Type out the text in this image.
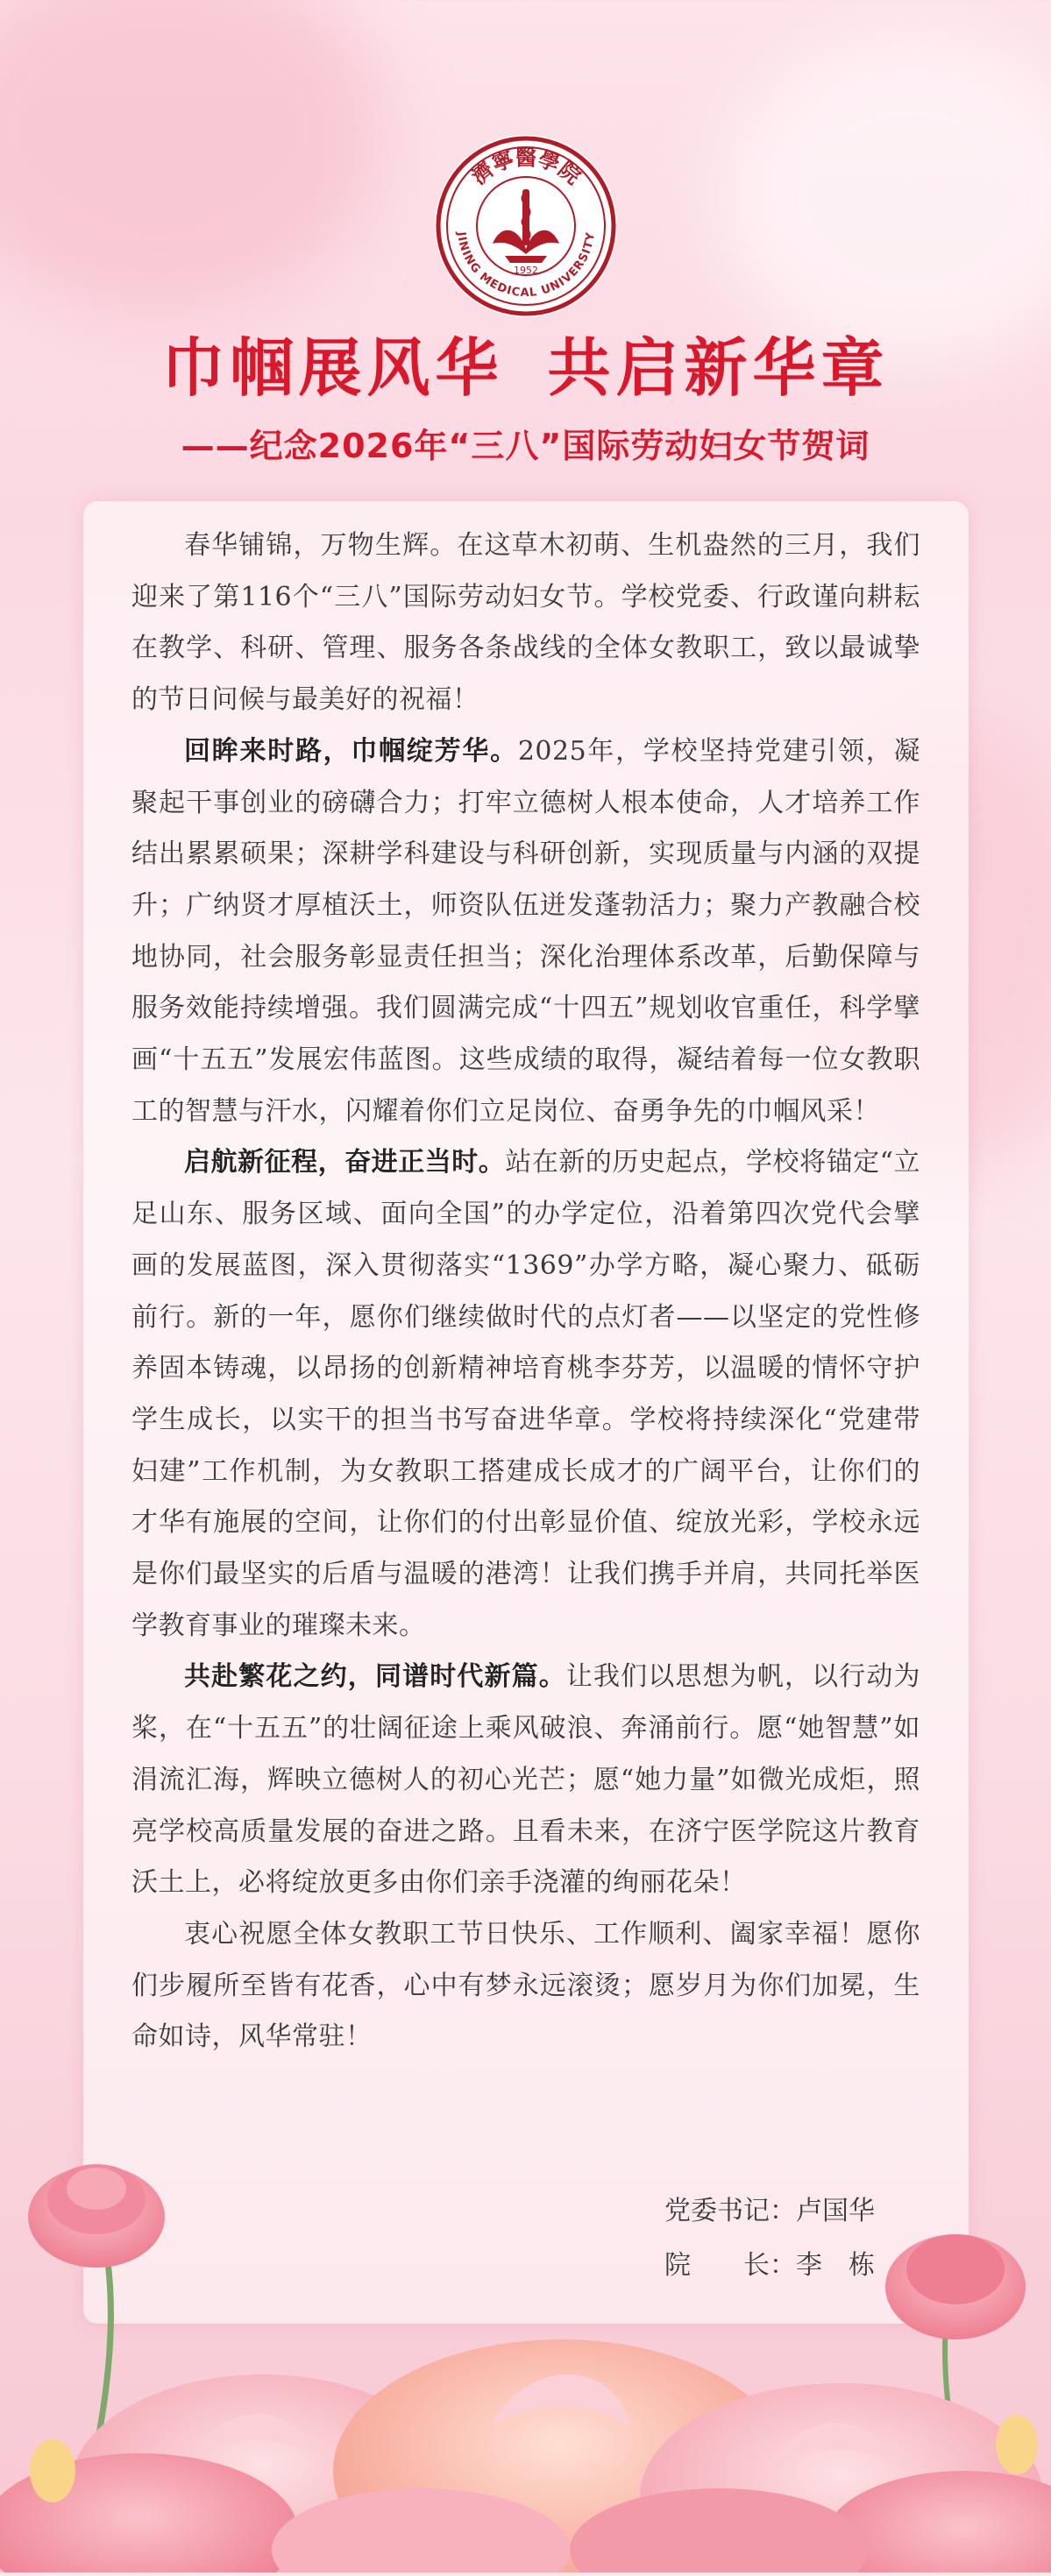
濟寧醫學院
JINING MEDICAL UNIVERSITY
1952
巾帼展风华 共启新华章
——纪念2026年“三八”国际劳动妇女节贺词

春华铺锦，万物生辉。在这草木初萌、生机盎然的三月，我们迎来了第116个“三八”国际劳动妇女节。学校党委、行政谨向耕耘在教学、科研、管理、服务各条战线的全体女教职工，致以最诚挚的节日问候与最美好的祝福！

回眸来时路，巾帼绽芳华。2025年，学校坚持党建引领，凝聚起干事创业的磅礴合力；打牢立德树人根本使命，人才培养工作结出累累硕果；深耕学科建设与科研创新，实现质量与内涵的双提升；广纳贤才厚植沃土，师资队伍迸发蓬勃活力；聚力产教融合校地协同，社会服务彰显责任担当；深化治理体系改革，后勤保障与服务效能持续增强。我们圆满完成“十四五”规划收官重任，科学擘画“十五五”发展宏伟蓝图。这些成绩的取得，凝结着每一位女教职工的智慧与汗水，闪耀着你们立足岗位、奋勇争先的巾帼风采！

启航新征程，奋进正当时。站在新的历史起点，学校将锚定“立足山东、服务区域、面向全国”的办学定位，沿着第四次党代会擘画的发展蓝图，深入贯彻落实“1369”办学方略，凝心聚力、砥砺前行。新的一年，愿你们继续做时代的点灯者——以坚定的党性修养固本铸魂，以昂扬的创新精神培育桃李芬芳，以温暖的情怀守护学生成长，以实干的担当书写奋进华章。学校将持续深化“党建带妇建”工作机制，为女教职工搭建成长成才的广阔平台，让你们的才华有施展的空间，让你们的付出彰显价值、绽放光彩，学校永远是你们最坚实的后盾与温暖的港湾！让我们携手并肩，共同托举医学教育事业的璀璨未来。

共赴繁花之约，同谱时代新篇。让我们以思想为帆，以行动为桨，在“十五五”的壮阔征途上乘风破浪、奔涌前行。愿“她智慧”如涓流汇海，辉映立德树人的初心光芒；愿“她力量”如微光成炬，照亮学校高质量发展的奋进之路。且看未来，在济宁医学院这片教育沃土上，必将绽放更多由你们亲手浇灌的绚丽花朵！

衷心祝愿全体女教职工节日快乐、工作顺利、阖家幸福！愿你们步履所至皆有花香，心中有梦永远滚烫；愿岁月为你们加冕，生命如诗，风华常驻！

党委书记：卢国华
院　　长：李　栋
